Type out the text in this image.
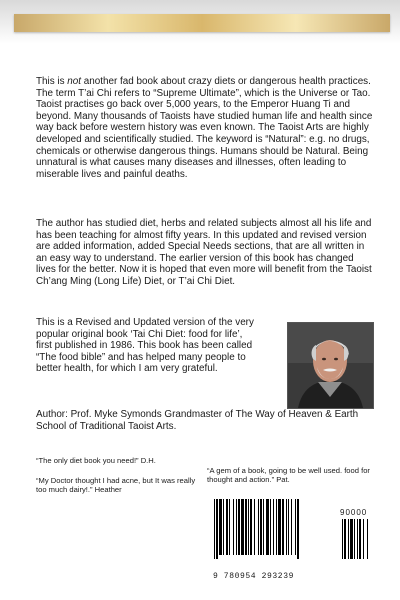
This is not another fad book about crazy diets or dangerous health practices. The term T’ai Chi refers to “Supreme Ultimate”, which is the Universe or Tao. Taoist practises go back over 5,000 years, to the Emperor Huang Ti and beyond. Many thousands of Taoists have studied human life and health since way back before western history was even known. The Taoist Arts are highly developed and scientifically studied. The keyword is “Natural”: e.g. no drugs, chemicals or otherwise dangerous things. Humans should be Natural. Being unnatural is what causes many diseases and illnesses, often leading to miserable lives and painful deaths.

The author has studied diet, herbs and related subjects almost all his life and has been teaching for almost fifty years. In this updated and revised version are added information, added Special Needs sections, that are all written in an easy way to understand. The earlier version of this book has changed lives for the better. Now it is hoped that even more will benefit from the Taoist Ch’ang Ming (Long Life) Diet, or T’ai Chi Diet.

This is a Revised and Updated version of the very popular original book ‘Tai Chi Diet: food for life’, first published in 1986. This book has been called “The food bible” and has helped many people to better health, for which I am very grateful.

Author: Prof. Myke Symonds Grandmaster of The Way of Heaven & Earth School of Traditional Taoist Arts.

“The only diet book you need!” D.H.

“A gem of a book, going to be well used. food for thought and action.” Pat.

“My Doctor thought I had acne, but It was really too much dairy!.” Heather

90000
9 780954 293239
